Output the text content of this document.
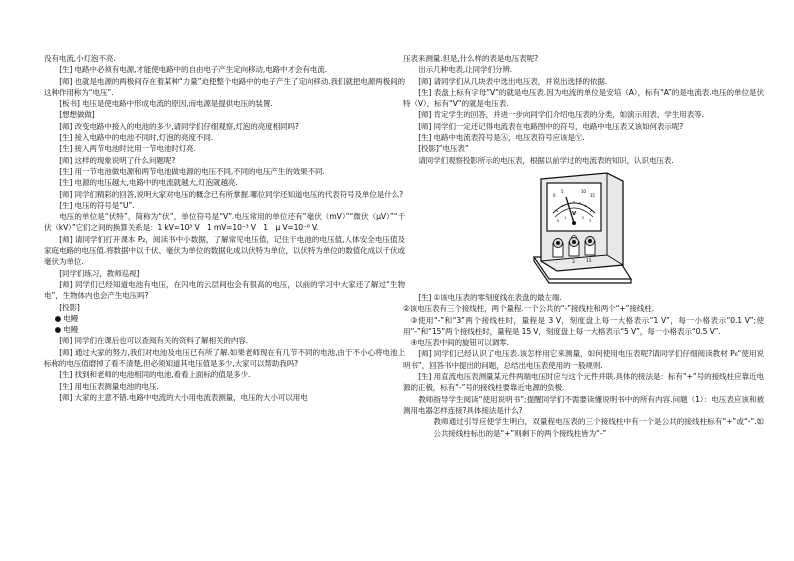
没有电流,小灯泡不亮.

[生] 电路中必须有电源,才能使电路中的自由电子产生定向移动,电路中才会有电流.

[师] 也就是电源的两极间存在着某种“力量”迫使整个电路中的电子产生了定向移动.我们就把电源两极间的这种作用称为“电压”.

[板书] 电压是使电路中形成电流的原因,而电源是提供电压的装置.

[想想做做]

[师] 改变电路中接入的电池的多少,请同学们仔细观察,灯泡的亮度相同吗?

[生] 接入电路中的电池不同时,灯泡的亮度不同.

[生] 接入两节电池时比用一节电池时灯亮.

[师] 这样的现象说明了什么问题呢?

[生] 用一节电池做电源和两节电池做电源的电压不同,不同的电压产生的效果不同.

[生] 电源的电压越大,电路中的电流就越大,灯泡就越亮.

[师] 同学们精彩的回答,说明大家对电压的概念已有所掌握.哪位同学还知道电压的代表符号及单位是什么?

[生] 电压的符号是“U”.

电压的单位是“伏特”，简称为“伏”，单位符号是“V”.电压常用的单位还有“毫伏（mV）”“微伏（μV）”“千伏（kV）”它们之间的换算关系是：1 kV=10³ V　1 mV=10⁻³ V　1　μ V=10⁻⁶ V.

[师] 请同学们打开课本 P₂，阅读书中小数据，了解常见电压值，记住干电池的电压值,人体安全电压值及家庭电路的电压值.将数据中以千伏、毫伏为单位的数据化成以伏特为单位，以伏特为单位的数值化成以千伏或毫伏为单位.

[同学们练习，教师巡视]

[师] 同学们已经知道电池有电压，在闪电的云层间也会有很高的电压，以前的学习中大家还了解过“生物电”，生物体内也会产生电压吗?

[投影]

● 电鳗

● 电鳗

[师] 同学们在课后也可以查阅有关的资料了解相关的内容.

[师] 通过大家的努力,我们对电池及电压已有所了解.如果老师现在有几节不同的电池,由于不小心将电池上标称的电压值磨掉了看不清楚,但必须知道其电压值是多少,大家可以帮助我吗?

[生] 找到和老师的电池相同的电池,看看上面标的值是多少.

[生] 用电压表测量电池的电压.

[师] 大家的主意不错.电路中电流的大小用电流表测量，电压的大小可以用电

压表来测量.但是,什么样的表是电压表呢?

出示几种电表,让同学们分辨.

[师] 请同学们从几块表中选出电压表，并说出选择的依据.

[生] 表盘上标有字母“V”的就是电压表.因为电流的单位是安培（A），标有“A”的是电流表.电压的单位是伏特（V），标有“V”的就是电压表.

[师] 肯定学生的回答，并进一步向同学们介绍电压表的分类，如演示用表、学生用表等.

[师] 同学们一定还记得电流表在电路图中的符号，电路中电压表又该如何表示呢?

[生] 电路中电流表符号是Ⓐ，电压表符号应该是Ⓥ.

[投影]“电压表”

请同学们观察投影所示的电压表，根据以前学过的电流表的知识，认识电压表.

0
5	10
15
0
1	2
3
V
-	3	15

[生] ①该电压表的零刻度线在表盘的最左端.

②该电压表有三个接线柱，两个量程.一个公共的“-”接线柱和两个“+”接线柱.

③使用“-”和“3”两个接线柱时，量程是 3 V，刻度盘上每一大格表示“1 V”，每一小格表示“0.1 V”;使用“-”和“15”两个接线柱时，量程是 15 V，刻度盘上每一大格表示“5 V”，每一小格表示“0.5 V”.

④电压表中间的旋钮可以调零.

[师] 同学们已经认识了电压表.该怎样用它来测量，如何使用电压表呢?请同学们仔细阅读教材 P₆“使用说明书”，回答书中提出的问题，总结出电压表使用的一般规则.

[生] 用直流电压表测量某元件两端电压时应与这个元件并联.具体的接法是：标有“+”号的接线柱应靠近电源的正极，标有“-”号的接线柱要靠近电源的负极.

教师指导学生阅读“使用说明书”;提醒同学们不需要读懂说明书中的所有内容.问题（1）：电压表应该和被测用电器怎样连接?具体接法是什么?

教师通过引导应使学生明白，双量程电压表的三个接线柱中有一个是公共的接线柱标有“+”或“-”.如公共接线柱标出的是“+”则剩下的两个接线柱皆为“-”
